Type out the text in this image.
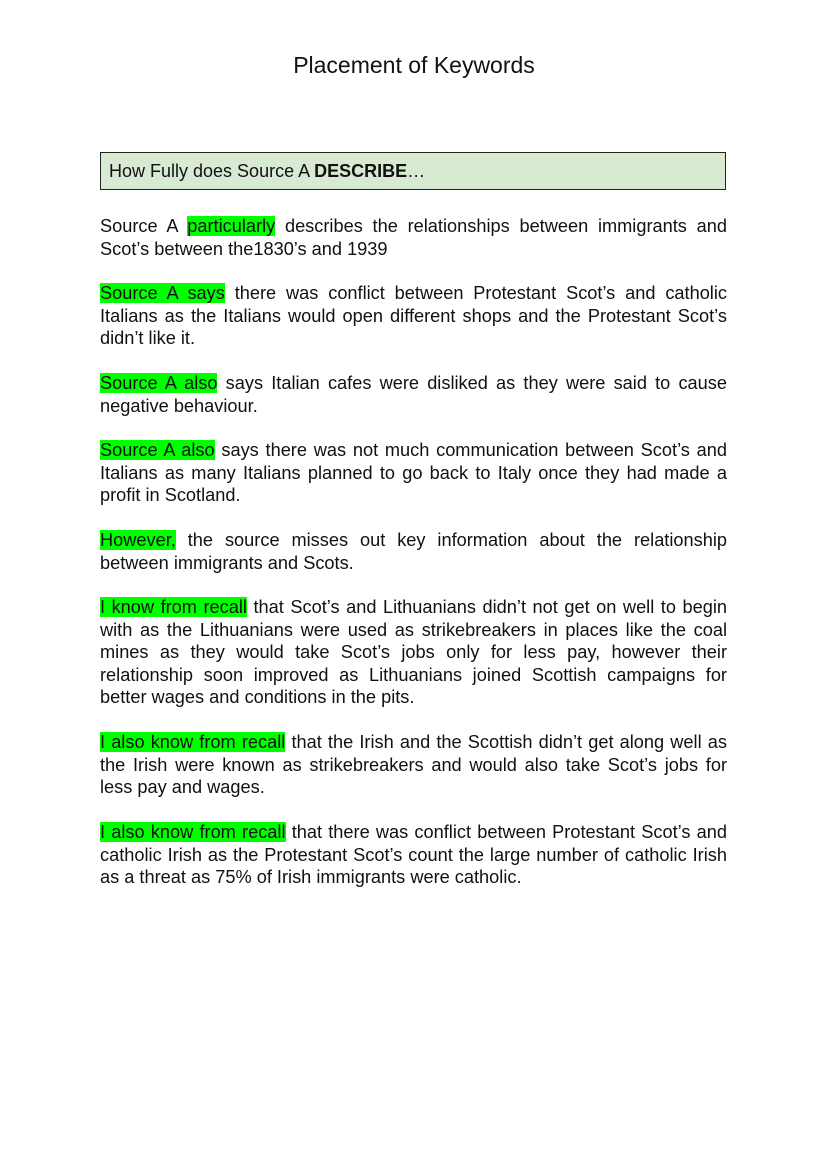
Placement of Keywords
How Fully does Source A DESCRIBE…

Source A particularly describes the relationships between immigrants and Scot’s between the1830’s and 1939

Source A says there was conflict between Protestant Scot’s and catholic Italians as the Italians would open different shops and the Protestant Scot’s didn’t like it.

Source A also says Italian cafes were disliked as they were said to cause negative behaviour.

Source A also says there was not much communication between Scot’s and Italians as many Italians planned to go back to Italy once they had made a profit in Scotland.

However, the source misses out key information about the relationship between immigrants and Scots.

I know from recall that Scot’s and Lithuanians didn’t not get on well to begin with as the Lithuanians were used as strikebreakers in places like the coal mines as they would take Scot’s jobs only for less pay, however their relationship soon improved as Lithuanians joined Scottish campaigns for better wages and conditions in the pits.

I also know from recall that the Irish and the Scottish didn’t get along well as the Irish were known as strikebreakers and would also take Scot’s jobs for less pay and wages.

I also know from recall that there was conflict between Protestant Scot’s and catholic Irish as the Protestant Scot’s count the large number of catholic Irish as a threat as 75% of Irish immigrants were catholic.
